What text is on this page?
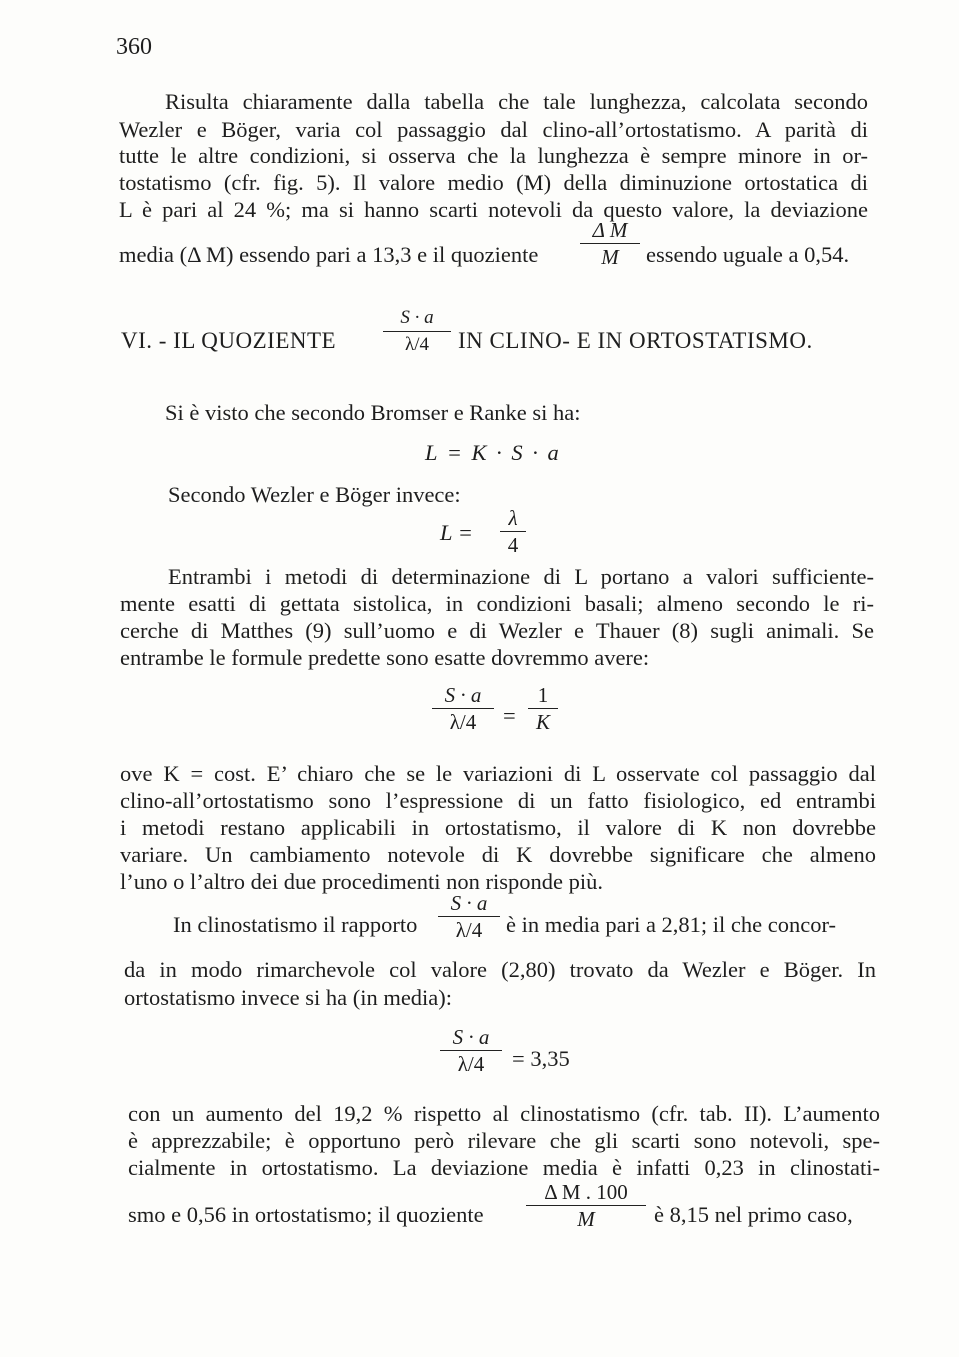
360
Risulta chiaramente dalla tabella che tale lunghezza, calcolata secondo
Wezler e Böger, varia col passaggio dal clino-all’ortostatismo. A parità di
tutte le altre condizioni, si osserva che la lunghezza è sempre minore in or-
tostatismo (cfr. fig. 5). Il valore medio (M) della diminuzione ortostatica di
L è pari al 24 %; ma si hanno scarti notevoli da questo valore, la deviazione
media (Δ M) essendo pari a 13,3 e il quoziente
Δ M
M	essendo uguale a 0,54.
VI. - IL QUOZIENTE
S · a
λ/4	IN CLINO- E IN ORTOSTATISMO.
Si è visto che secondo Bromser e Ranke si ha:
L = K · S · a
Secondo Wezler e Böger invece:
L =
λ
4
Entrambi i metodi di determinazione di L portano a valori sufficiente-
mente esatti di gettata sistolica, in condizioni basali; almeno secondo le ri-
cerche di Matthes (9) sull’uomo e di Wezler e Thauer (8) sugli animali. Se
entrambe le formule predette sono esatte dovremmo avere:
S · a
λ/4	=
1
K
ove K = cost. E’ chiaro che se le variazioni di L osservate col passaggio dal
clino-all’ortostatismo sono l’espressione di un fatto fisiologico, ed entrambi
i metodi restano applicabili in ortostatismo, il valore di K non dovrebbe
variare. Un cambiamento notevole di K dovrebbe significare che almeno
l’uno o l’altro dei due procedimenti non risponde più.
In clinostatismo il rapporto
S · a
λ/4	è in media pari a 2,81; il che concor-
da in modo rimarchevole col valore (2,80) trovato da Wezler e Böger. In
ortostatismo invece si ha (in media):
S · a
λ/4	= 3,35
con un aumento del 19,2 % rispetto al clinostatismo (cfr. tab. II). L’aumento
è apprezzabile; è opportuno però rilevare che gli scarti sono notevoli, spe-
cialmente in ortostatismo. La deviazione media è infatti 0,23 in clinostati-
smo e 0,56 in ortostatismo; il quoziente
Δ M . 100
M	è 8,15 nel primo caso,
